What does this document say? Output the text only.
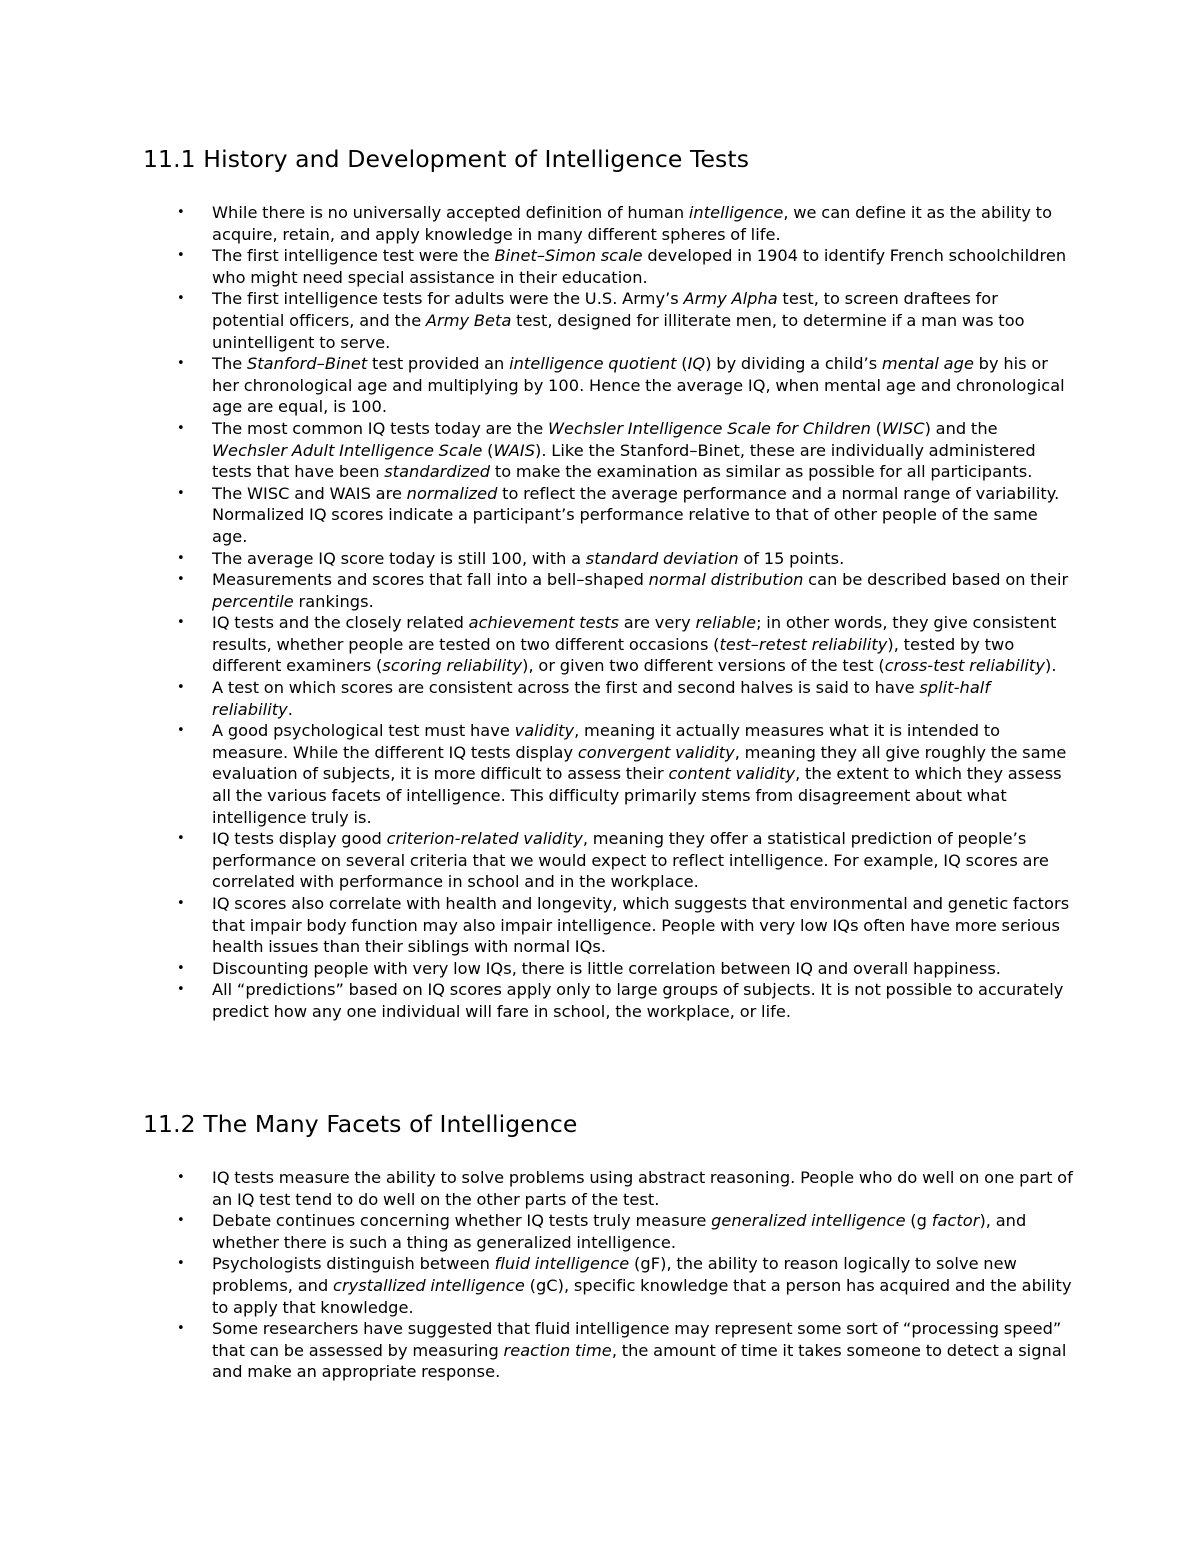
11.1 History and Development of Intelligence Tests
• While there is no universally accepted definition of human intelligence, we can define it as the ability to acquire, retain, and apply knowledge in many different spheres of life.
• The first intelligence test were the Binet–Simon scale developed in 1904 to identify French schoolchildren who might need special assistance in their education.
• The first intelligence tests for adults were the U.S. Army’s Army Alpha test, to screen draftees for potential officers, and the Army Beta test, designed for illiterate men, to determine if a man was too unintelligent to serve.
• The Stanford–Binet test provided an intelligence quotient (IQ) by dividing a child’s mental age by his or her chronological age and multiplying by 100. Hence the average IQ, when mental age and chronological age are equal, is 100.
• The most common IQ tests today are the Wechsler Intelligence Scale for Children (WISC) and the Wechsler Adult Intelligence Scale (WAIS). Like the Stanford–Binet, these are individually administered tests that have been standardized to make the examination as similar as possible for all participants.
• The WISC and WAIS are normalized to reflect the average performance and a normal range of variability. Normalized IQ scores indicate a participant’s performance relative to that of other people of the same age.
• The average IQ score today is still 100, with a standard deviation of 15 points.
• Measurements and scores that fall into a bell–shaped normal distribution can be described based on their percentile rankings.
• IQ tests and the closely related achievement tests are very reliable; in other words, they give consistent results, whether people are tested on two different occasions (test–retest reliability), tested by two different examiners (scoring reliability), or given two different versions of the test (cross-test reliability).
• A test on which scores are consistent across the first and second halves is said to have split-half reliability.
• A good psychological test must have validity, meaning it actually measures what it is intended to measure. While the different IQ tests display convergent validity, meaning they all give roughly the same evaluation of subjects, it is more difficult to assess their content validity, the extent to which they assess all the various facets of intelligence. This difficulty primarily stems from disagreement about what intelligence truly is.
• IQ tests display good criterion-related validity, meaning they offer a statistical prediction of people’s performance on several criteria that we would expect to reflect intelligence. For example, IQ scores are correlated with performance in school and in the workplace.
• IQ scores also correlate with health and longevity, which suggests that environmental and genetic factors that impair body function may also impair intelligence. People with very low IQs often have more serious health issues than their siblings with normal IQs.
• Discounting people with very low IQs, there is little correlation between IQ and overall happiness.
• All “predictions” based on IQ scores apply only to large groups of subjects. It is not possible to accurately predict how any one individual will fare in school, the workplace, or life.
11.2 The Many Facets of Intelligence
• IQ tests measure the ability to solve problems using abstract reasoning. People who do well on one part of an IQ test tend to do well on the other parts of the test.
• Debate continues concerning whether IQ tests truly measure generalized intelligence (g factor), and whether there is such a thing as generalized intelligence.
• Psychologists distinguish between fluid intelligence (gF), the ability to reason logically to solve new problems, and crystallized intelligence (gC), specific knowledge that a person has acquired and the ability to apply that knowledge.
• Some researchers have suggested that fluid intelligence may represent some sort of “processing speed” that can be assessed by measuring reaction time, the amount of time it takes someone to detect a signal and make an appropriate response.
